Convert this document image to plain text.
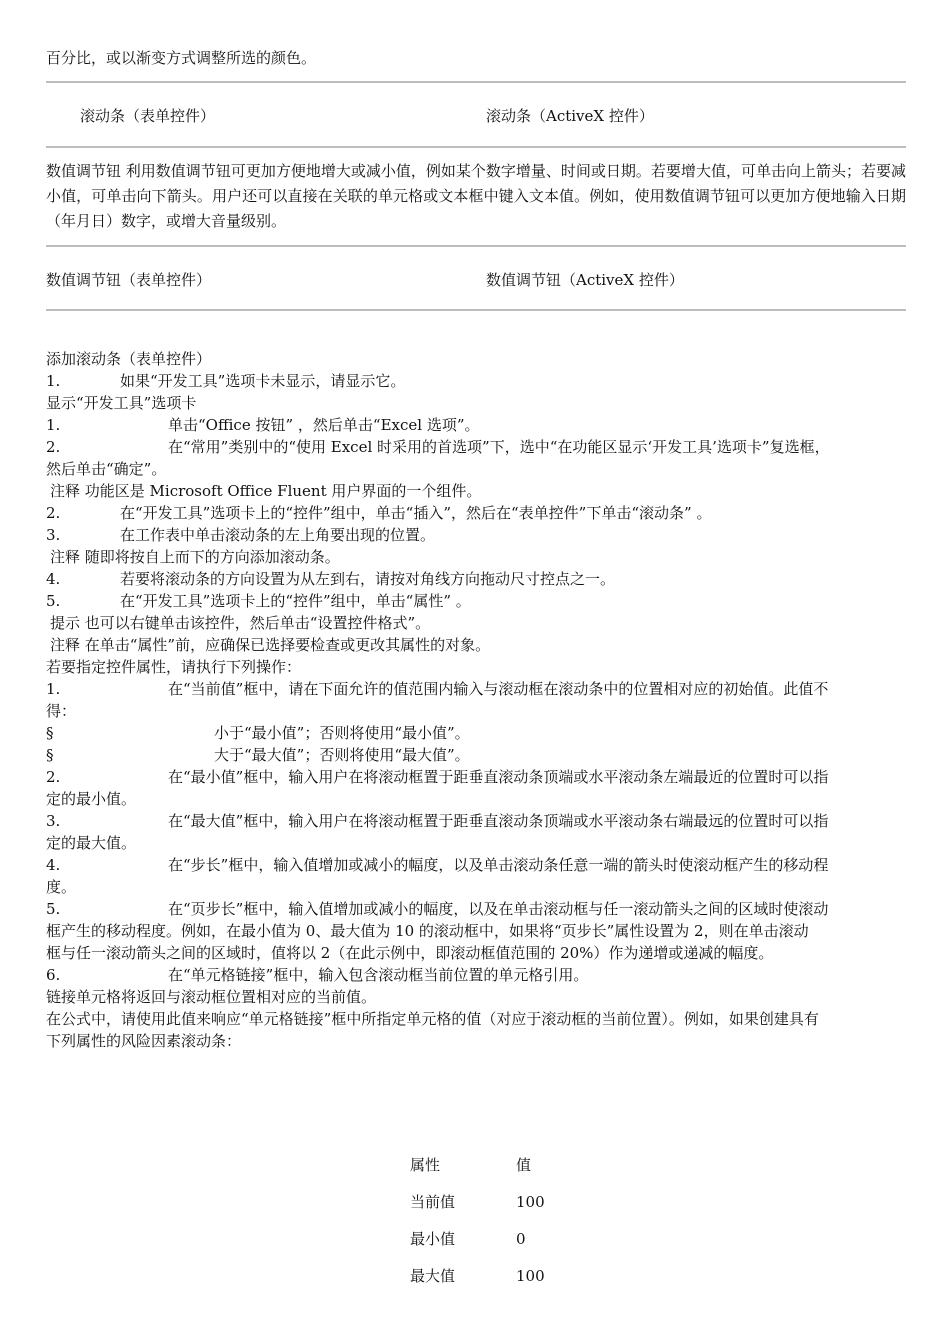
百分比，或以渐变方式调整所选的颜色。
滚动条（表单控件）	滚动条（ActiveX 控件）
数值调节钮 利用数值调节钮可更加方便地增大或减小值，例如某个数字增量、时间或日期。若要增大值，可单击向上箭头；若要减小值，可单击向下箭头。用户还可以直接在关联的单元格或文本框中键入文本值。例如，使用数值调节钮可以更加方便地输入日期（年月日）数字，或增大音量级别。
数值调节钮（表单控件）	数值调节钮（ActiveX 控件）
添加滚动条（表单控件）
1.	如果“开发工具”选项卡未显示，请显示它。
显示“开发工具”选项卡
1.	单击“Office 按钮” ，然后单击“Excel 选项”。
2.	在“常用”类别中的“使用 Excel 时采用的首选项”下，选中“在功能区显示‘开发工具’选项卡”复选框，
然后单击“确定”。
注释 功能区是 Microsoft Office Fluent 用户界面的一个组件。
2.	在“开发工具”选项卡上的“控件”组中，单击“插入”，然后在“表单控件”下单击“滚动条” 。
3.	在工作表中单击滚动条的左上角要出现的位置。
注释 随即将按自上而下的方向添加滚动条。
4.	若要将滚动条的方向设置为从左到右，请按对角线方向拖动尺寸控点之一。
5.	在“开发工具”选项卡上的“控件”组中，单击“属性” 。
提示 也可以右键单击该控件，然后单击“设置控件格式”。
注释 在单击“属性”前，应确保已选择要检查或更改其属性的对象。
若要指定控件属性，请执行下列操作：
1.	在“当前值”框中，请在下面允许的值范围内输入与滚动框在滚动条中的位置相对应的初始值。此值不
得：
§	小于“最小值”；否则将使用“最小值”。
§	大于“最大值”；否则将使用“最大值”。
2.	在“最小值”框中，输入用户在将滚动框置于距垂直滚动条顶端或水平滚动条左端最近的位置时可以指
定的最小值。
3.	在“最大值”框中，输入用户在将滚动框置于距垂直滚动条顶端或水平滚动条右端最远的位置时可以指
定的最大值。
4.	在“步长”框中，输入值增加或减小的幅度，以及单击滚动条任意一端的箭头时使滚动框产生的移动程
度。
5.	在“页步长”框中，输入值增加或减小的幅度，以及在单击滚动框与任一滚动箭头之间的区域时使滚动
框产生的移动程度。例如，在最小值为 0、最大值为 10 的滚动框中，如果将“页步长”属性设置为 2，则在单击滚动
框与任一滚动箭头之间的区域时，值将以 2（在此示例中，即滚动框值范围的 20%）作为递增或递减的幅度。
6.	在“单元格链接”框中，输入包含滚动框当前位置的单元格引用。
链接单元格将返回与滚动框位置相对应的当前值。
在公式中，请使用此值来响应“单元格链接”框中所指定单元格的值（对应于滚动框的当前位置）。例如，如果创建具有
下列属性的风险因素滚动条：
属性	值
当前值	100
最小值	0
最大值	100
